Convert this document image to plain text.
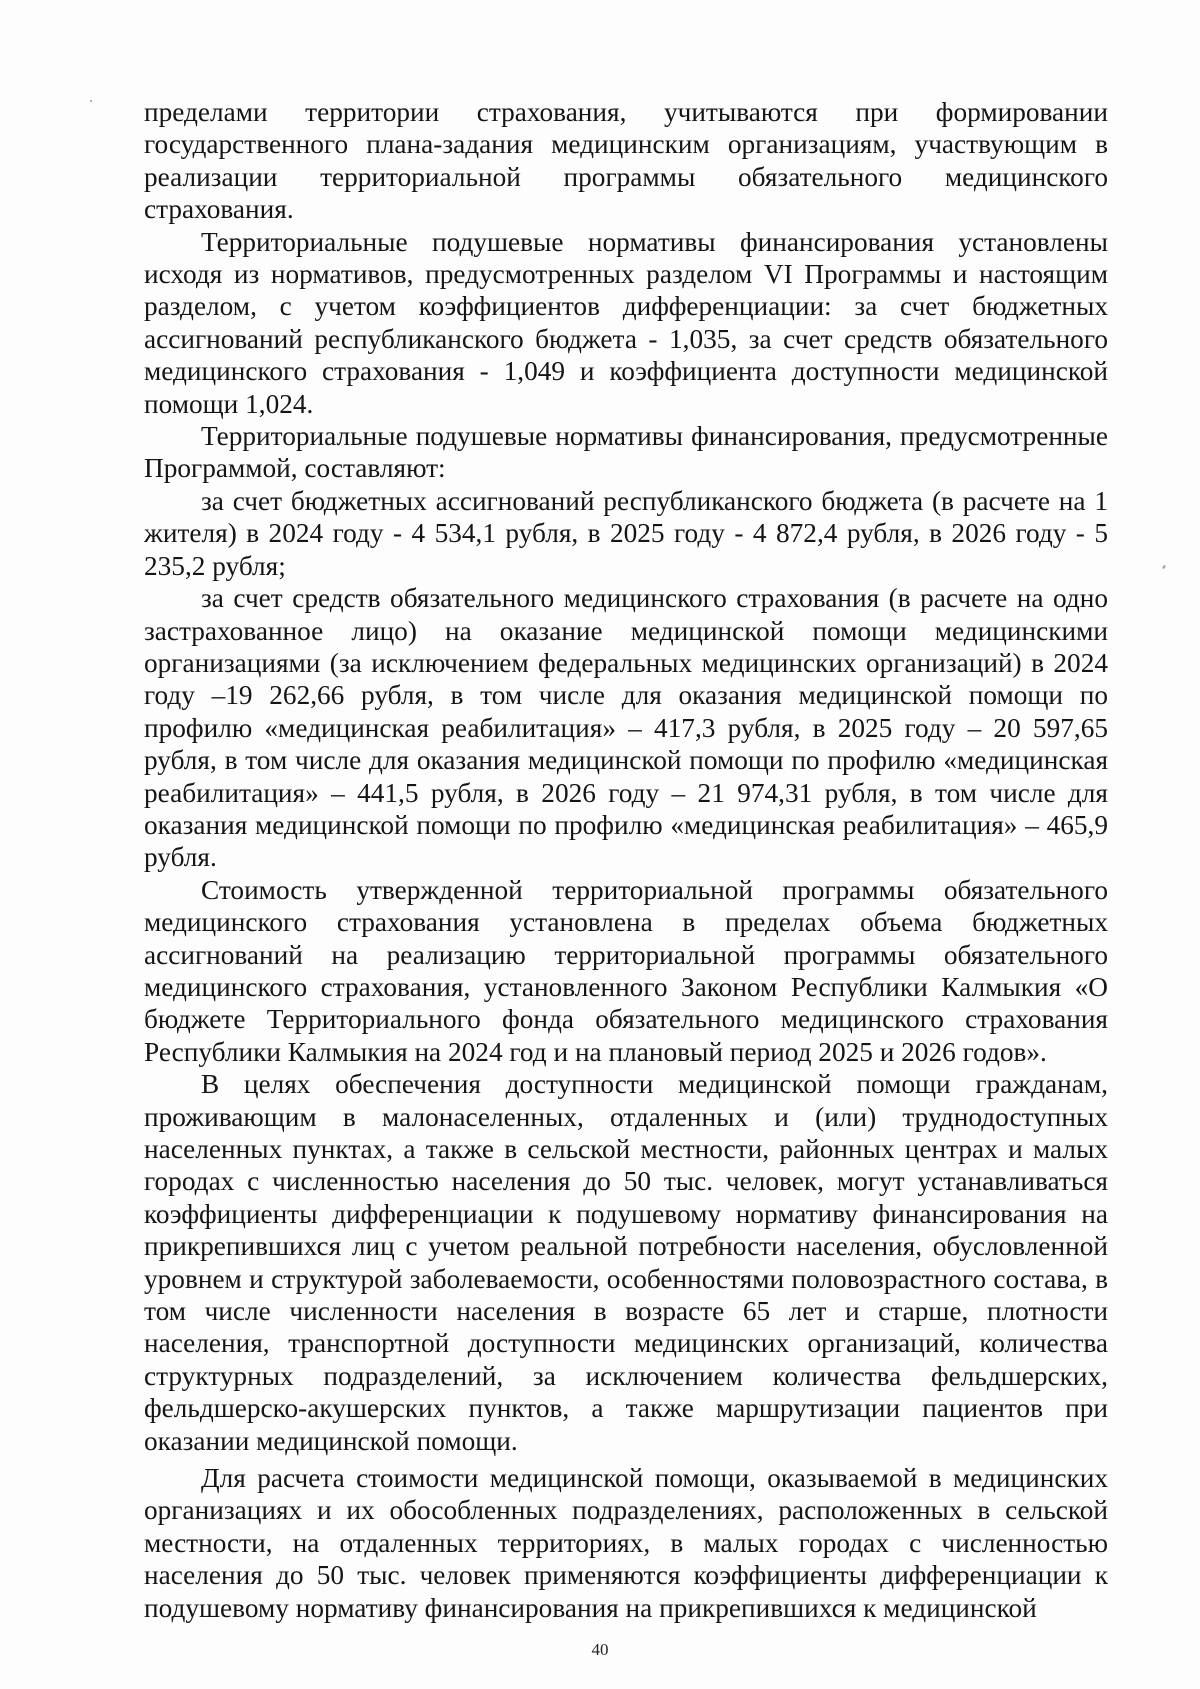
пределами территории страхования, учитываются при формировании государственного плана-задания медицинским организациям, участвующим в реализации территориальной программы обязательного медицинского страхования.

Территориальные подушевые нормативы финансирования установлены исходя из нормативов, предусмотренных разделом VI Программы и настоящим разделом, с учетом коэффициентов дифференциации: за счет бюджетных ассигнований республиканского бюджета - 1,035, за счет средств обязательного медицинского страхования - 1,049 и коэффициента доступности медицинской помощи 1,024.

Территориальные подушевые нормативы финансирования, предусмотренные Программой, составляют:

за счет бюджетных ассигнований республиканского бюджета (в расчете на 1 жителя) в 2024 году - 4 534,1 рубля, в 2025 году - 4 872,4 рубля, в 2026 году - 5 235,2 рубля;

за счет средств обязательного медицинского страхования (в расчете на одно застрахованное лицо) на оказание медицинской помощи медицинскими организациями (за исключением федеральных медицинских организаций) в 2024 году –19 262,66 рубля, в том числе для оказания медицинской помощи по профилю «медицинская реабилитация» – 417,3 рубля, в 2025 году – 20 597,65 рубля, в том числе для оказания медицинской помощи по профилю «медицинская реабилитация» – 441,5 рубля, в 2026 году – 21 974,31 рубля, в том числе для оказания медицинской помощи по профилю «медицинская реабилитация» – 465,9 рубля.

Стоимость утвержденной территориальной программы обязательного медицинского страхования установлена в пределах объема бюджетных ассигнований на реализацию территориальной программы обязательного медицинского страхования, установленного Законом Республики Калмыкия «О бюджете Территориального фонда обязательного медицинского страхования Республики Калмыкия на 2024 год и на плановый период 2025 и 2026 годов».

В целях обеспечения доступности медицинской помощи гражданам, проживающим в малонаселенных, отдаленных и (или) труднодоступных населенных пунктах, а также в сельской местности, районных центрах и малых городах с численностью населения до 50 тыс. человек, могут устанавливаться коэффициенты дифференциации к подушевому нормативу финансирования на прикрепившихся лиц с учетом реальной потребности населения, обусловленной уровнем и структурой заболеваемости, особенностями половозрастного состава, в том числе численности населения в возрасте 65 лет и старше, плотности населения, транспортной доступности медицинских организаций, количества структурных подразделений, за исключением количества фельдшерских, фельдшерско-акушерских пунктов, а также маршрутизации пациентов при оказании медицинской помощи.

Для расчета стоимости медицинской помощи, оказываемой в медицинских организациях и их обособленных подразделениях, расположенных в сельской местности, на отдаленных территориях, в малых городах с численностью населения до 50 тыс. человек применяются коэффициенты дифференциации к подушевому нормативу финансирования на прикрепившихся к медицинской

40
